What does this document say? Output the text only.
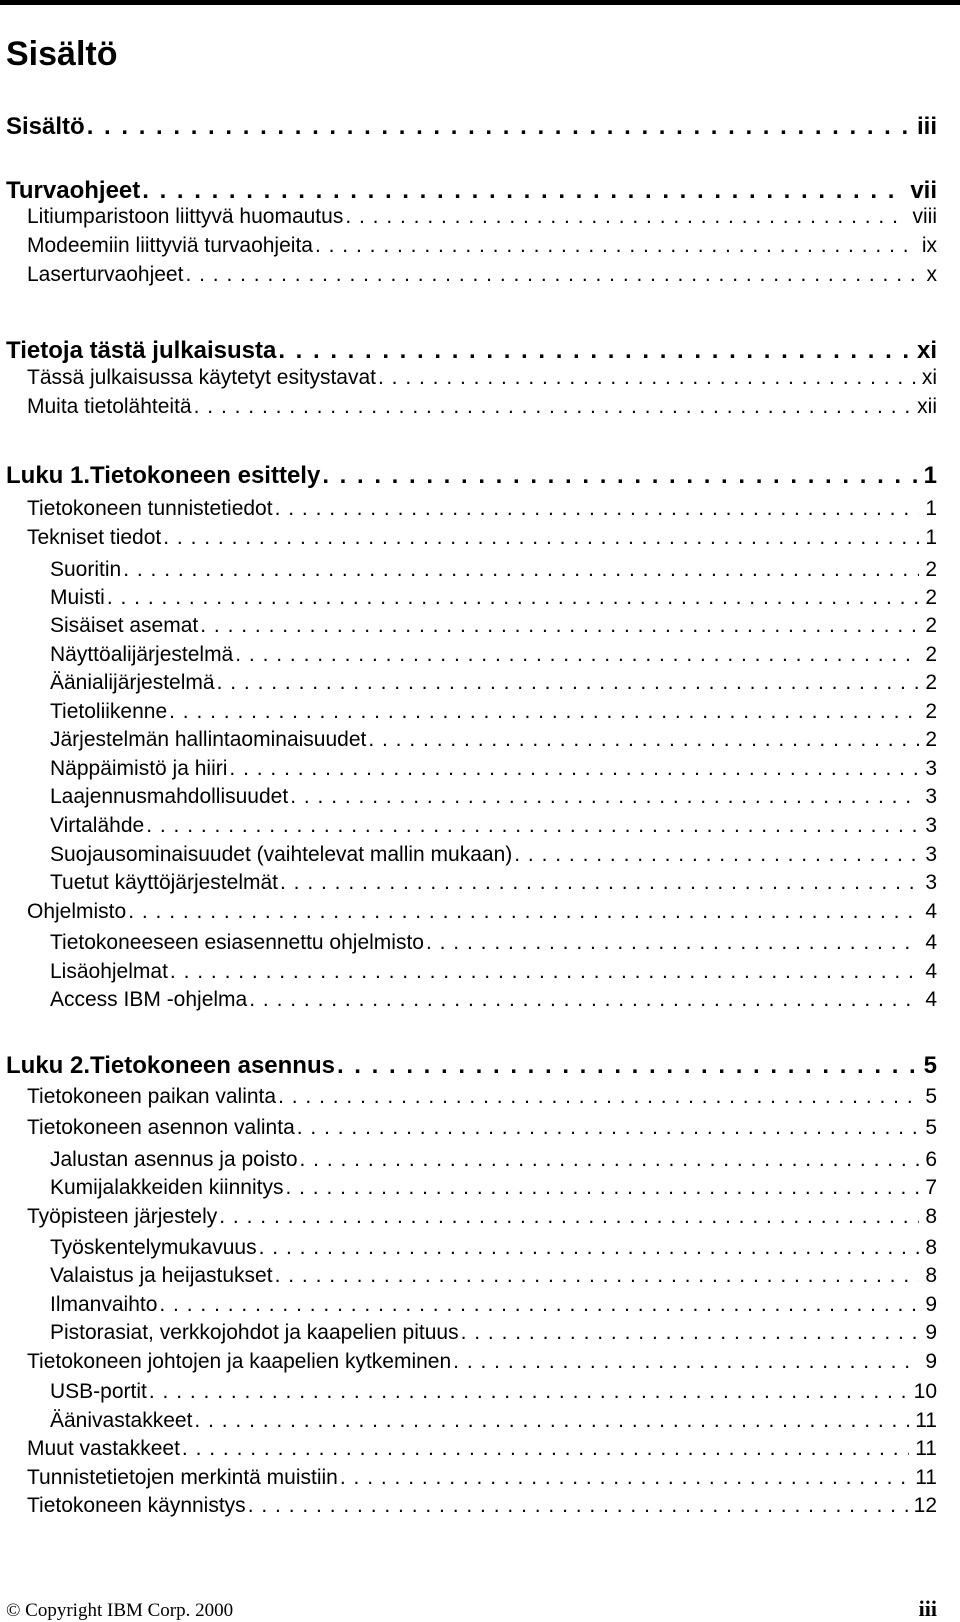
Sisältö
Sisältö . . .	iii
Turvaohjeet . . .	vii
Litiumparistoon liittyvä huomautus . . .	viii
Modeemiin liittyviä turvaohjeita . . .	ix
Laserturvaohjeet . . .	x
Tietoja tästä julkaisusta . . .	xi
Tässä julkaisussa käytetyt esitystavat . . .	xi
Muita tietolähteitä . . .	xii
Luku 1.Tietokoneen esittely . . .	1
Tietokoneen tunnistetiedot . . .	1
Tekniset tiedot . . .	1
Suoritin . . .	2
Muisti . . .	2
Sisäiset asemat . . .	2
Näyttöalijärjestelmä . . .	2
Äänialijärjestelmä . . .	2
Tietoliikenne . . .	2
Järjestelmän hallintaominaisuudet . . .	2
Näppäimistö ja hiiri . . .	3
Laajennusmahdollisuudet . . .	3
Virtalähde . . .	3
Suojausominaisuudet (vaihtelevat mallin mukaan) . . .	3
Tuetut käyttöjärjestelmät . . .	3
Ohjelmisto . . .	4
Tietokoneeseen esiasennettu ohjelmisto . . .	4
Lisäohjelmat . . .	4
Access IBM -ohjelma . . .	4
Luku 2.Tietokoneen asennus . . .	5
Tietokoneen paikan valinta . . .	5
Tietokoneen asennon valinta . . .	5
Jalustan asennus ja poisto . . .	6
Kumijalakkeiden kiinnitys . . .	7
Työpisteen järjestely . . .	8
Työskentelymukavuus . . .	8
Valaistus ja heijastukset . . .	8
Ilmanvaihto . . .	9
Pistorasiat, verkkojohdot ja kaapelien pituus . . .	9
Tietokoneen johtojen ja kaapelien kytkeminen . . .	9
USB-portit . . .	10
Äänivastakkeet . . .	11
Muut vastakkeet . . .	11
Tunnistetietojen merkintä muistiin . . .	11
Tietokoneen käynnistys . . .	12
© Copyright IBM Corp. 2000	iii
